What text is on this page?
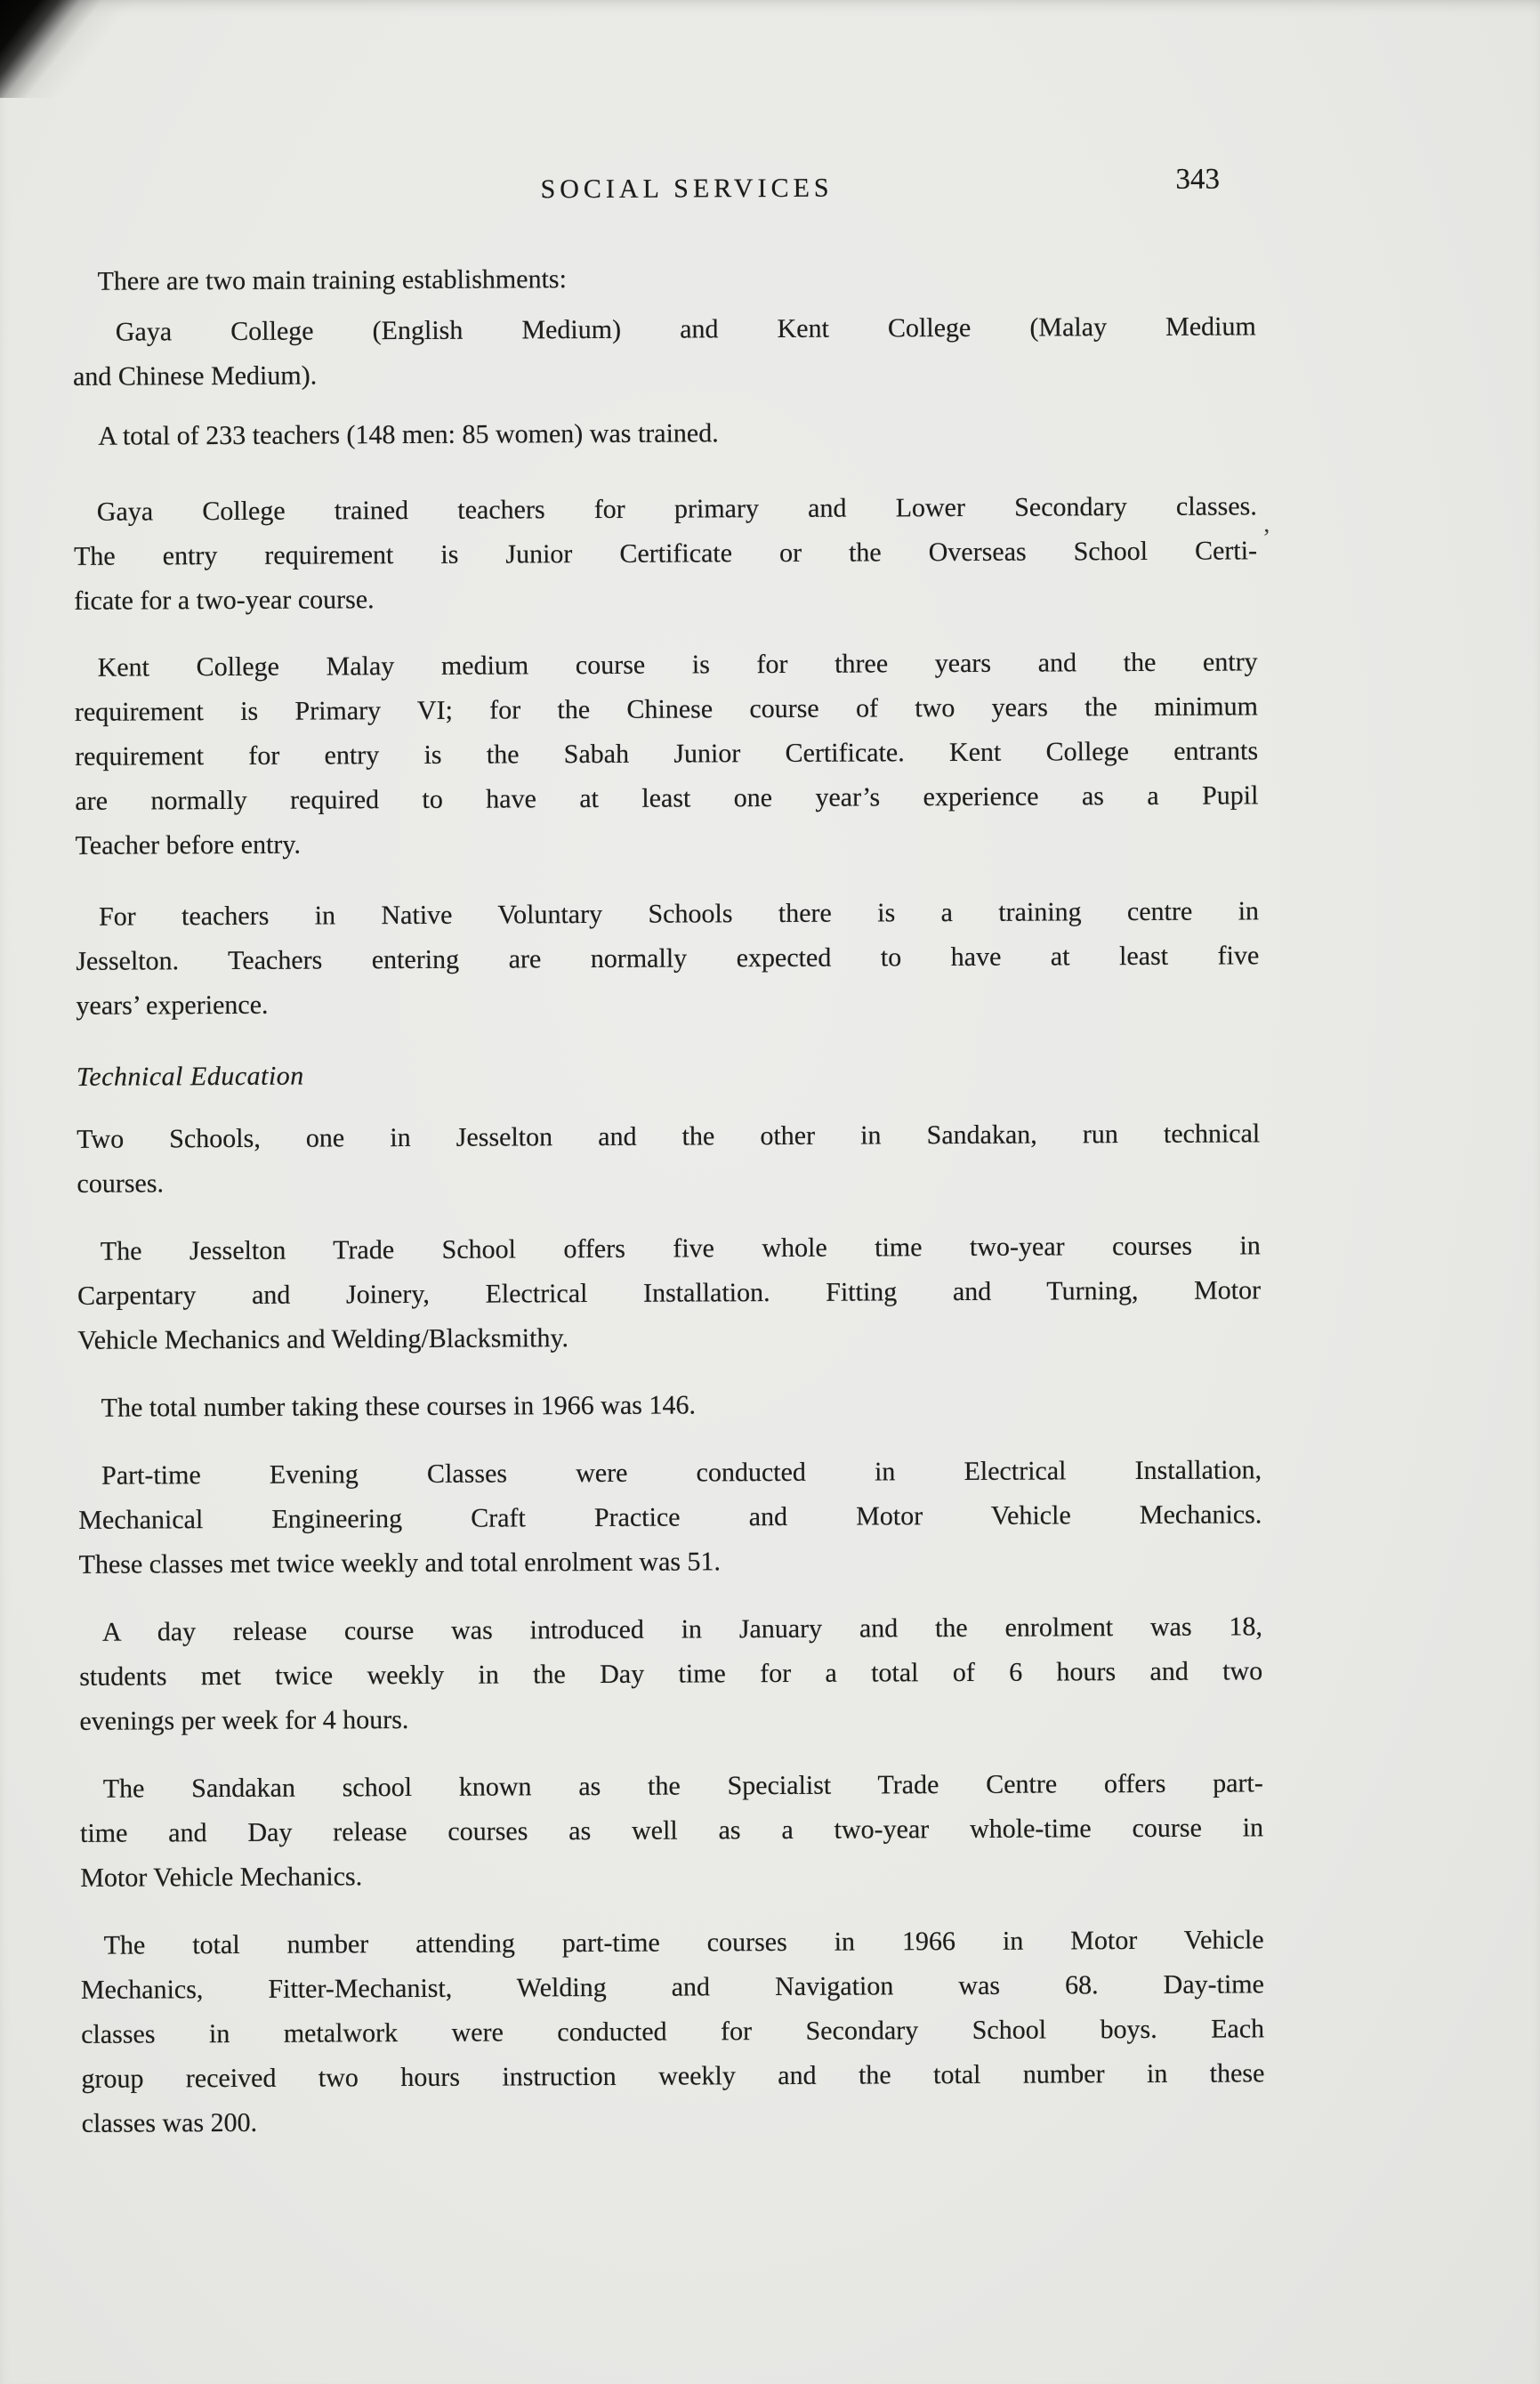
SOCIAL SERVICES	343

There are two main training establishments:

Gaya College (English Medium) and Kent College (Malay Medium
and Chinese Medium).

A total of 233 teachers (148 men: 85 women) was trained.

Gaya College trained teachers for primary and Lower Secondary classes.
The entry requirement is Junior Certificate or the Overseas School Certi-
ficate for a two-year course.

Kent College Malay medium course is for three years and the entry
requirement is Primary VI; for the Chinese course of two years the minimum
requirement for entry is the Sabah Junior Certificate. Kent College entrants
are normally required to have at least one year’s experience as a Pupil
Teacher before entry.

For teachers in Native Voluntary Schools there is a training centre in
Jesselton. Teachers entering are normally expected to have at least five
years’ experience.

Technical Education

Two Schools, one in Jesselton and the other in Sandakan, run technical
courses.

The Jesselton Trade School offers five whole time two-year courses in
Carpentary and Joinery, Electrical Installation. Fitting and Turning, Motor
Vehicle Mechanics and Welding/Blacksmithy.

The total number taking these courses in 1966 was 146.

Part-time Evening Classes were conducted in Electrical Installation,
Mechanical Engineering Craft Practice and Motor Vehicle Mechanics.
These classes met twice weekly and total enrolment was 51.

A day release course was introduced in January and the enrolment was 18,
students met twice weekly in the Day time for a total of 6 hours and two
evenings per week for 4 hours.

The Sandakan school known as the Specialist Trade Centre offers part-
time and Day release courses as well as a two-year whole-time course in
Motor Vehicle Mechanics.

The total number attending part-time courses in 1966 in Motor Vehicle
Mechanics, Fitter-Mechanist, Welding and Navigation was 68. Day-time
classes in metalwork were conducted for Secondary School boys. Each
group received two hours instruction weekly and the total number in these
classes was 200.

’
